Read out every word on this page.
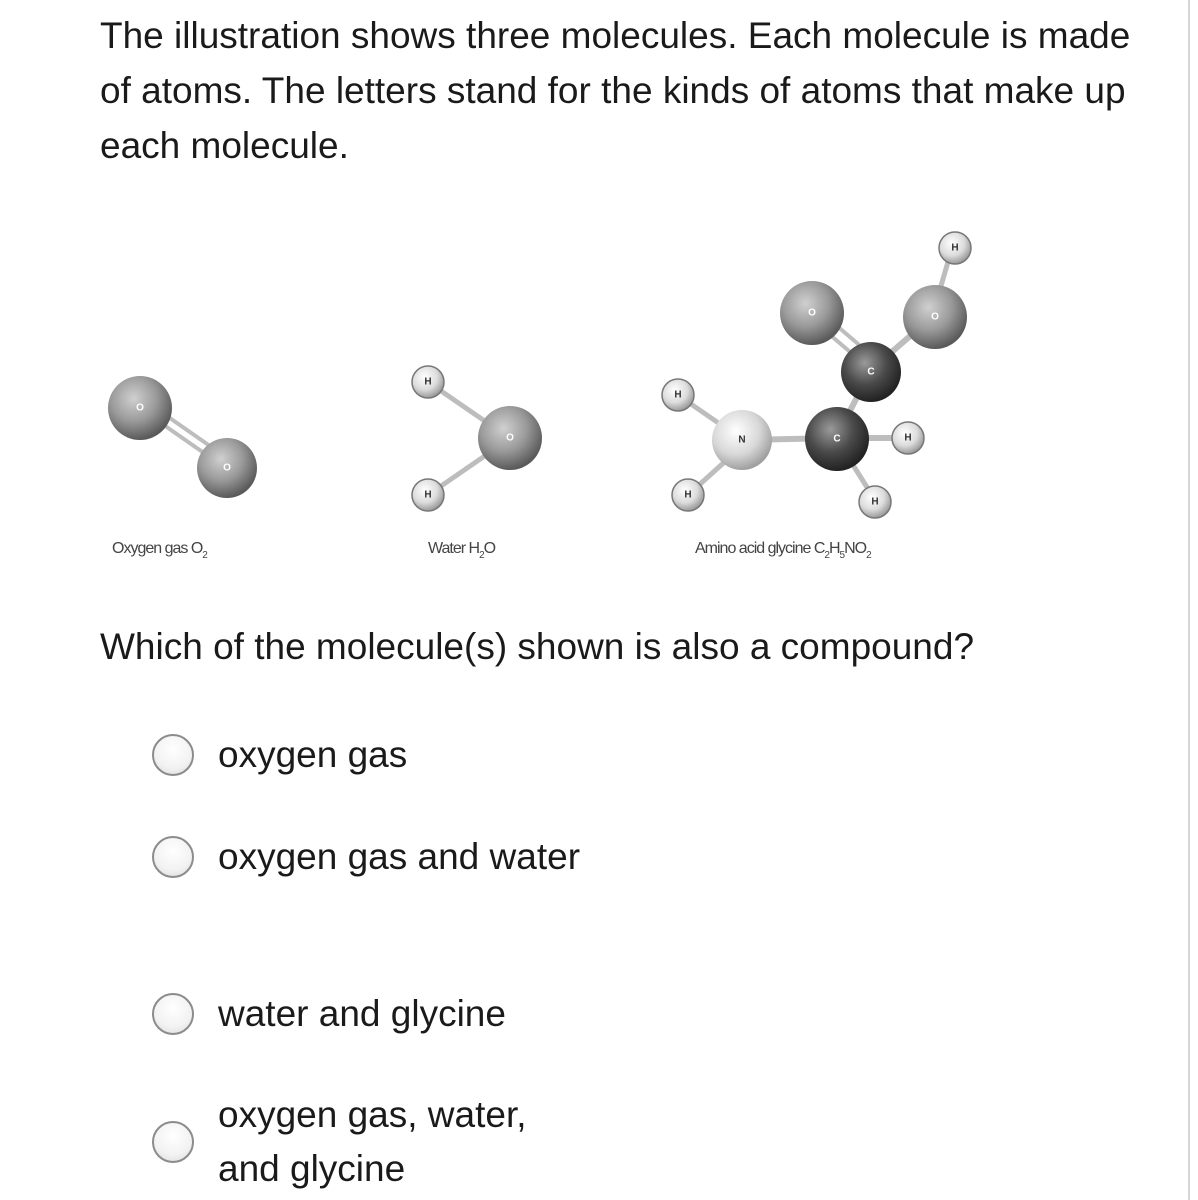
The illustration shows three molecules. Each molecule is made of atoms. The letters stand for the kinds of atoms that make up each molecule.

O
O
Oxygen gas $O_2$
H
O
H
Water $H_2O$
H
H
N
O	O
H
C
C	H
H
Amino acid glycine $C_2H_5NO_2$

Which of the molecule(s) shown is also a compound?

oxygen gas
oxygen gas and water
water and glycine
oxygen gas, water, and glycine
